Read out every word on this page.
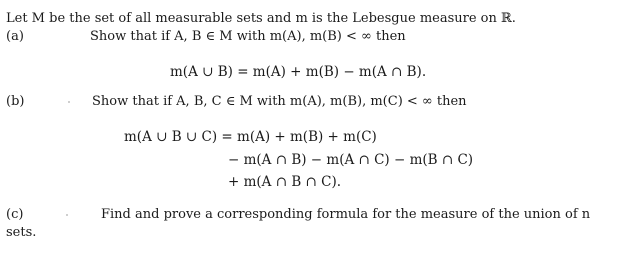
Let M be the set of all measurable sets and m is the Lebesgue measure on ℝ.
(a)	Show that if A, B ∈ M with m(A), m(B) < ∞ then
m(A ∪ B) = m(A) + m(B) − m(A ∩ B).
(b)	Show that if A, B, C ∈ M with m(A), m(B), m(C) < ∞ then
m(A ∪ B ∪ C) = m(A) + m(B) + m(C)
− m(A ∩ B) − m(A ∩ C) − m(B ∩ C)
+ m(A ∩ B ∩ C).
(c)	Find and prove a corresponding formula for the measure of the union of n
sets.
